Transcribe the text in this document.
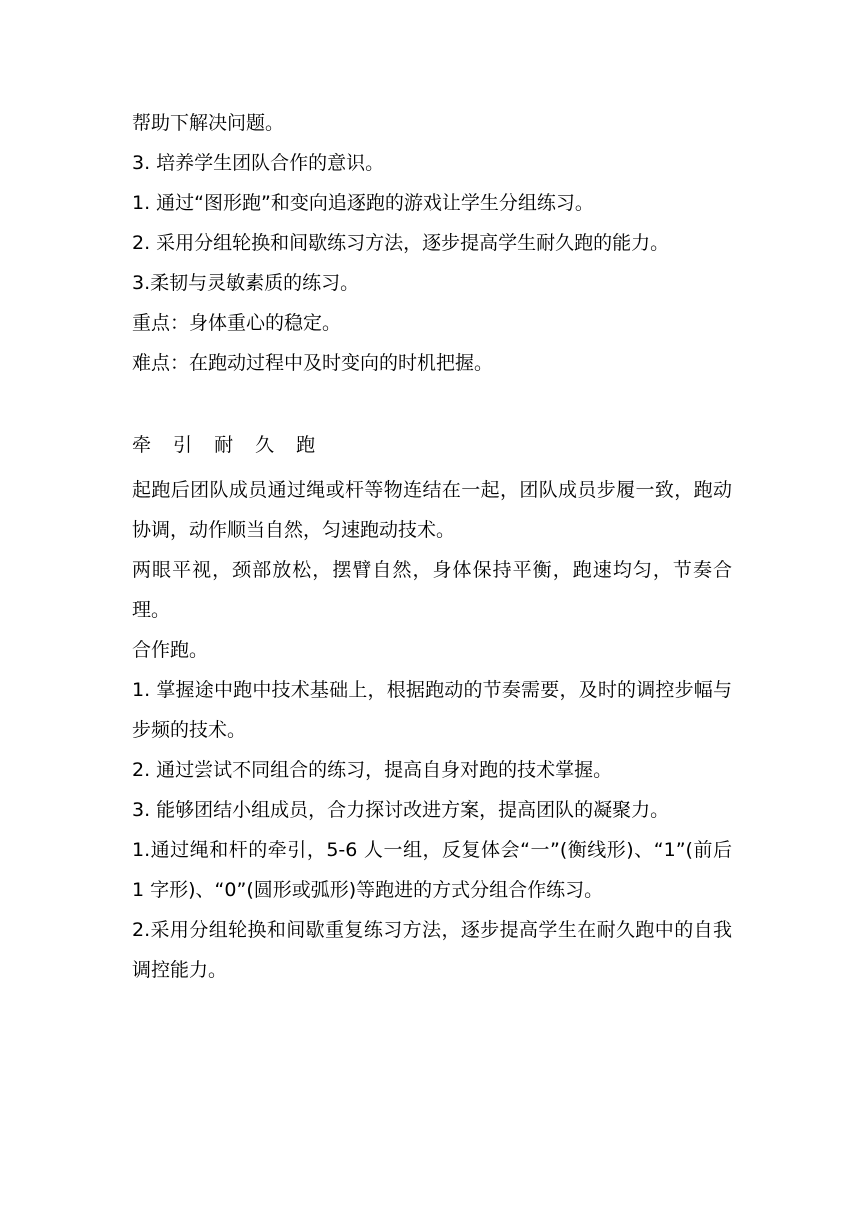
帮助下解决问题。
3. 培养学生团队合作的意识。
1. 通过“图形跑”和变向追逐跑的游戏让学生分组练习。
2. 采用分组轮换和间歇练习方法，逐步提高学生耐久跑的能力。
3.柔韧与灵敏素质的练习。
重点：身体重心的稳定。
难点：在跑动过程中及时变向的时机把握。
牵 引 耐 久 跑
起跑后团队成员通过绳或杆等物连结在一起，团队成员步履一致，跑动协调，动作顺当自然，匀速跑动技术。
两眼平视，颈部放松，摆臂自然，身体保持平衡，跑速均匀，节奏合理。
合作跑。
1. 掌握途中跑中技术基础上，根据跑动的节奏需要，及时的调控步幅与步频的技术。
2. 通过尝试不同组合的练习，提高自身对跑的技术掌握。
3. 能够团结小组成员，合力探讨改进方案，提高团队的凝聚力。
1.通过绳和杆的牵引，5-6 人一组，反复体会“一”(衡线形)、“1”(前后 1 字形)、“0”(圆形或弧形)等跑进的方式分组合作练习。
2.采用分组轮换和间歇重复练习方法，逐步提高学生在耐久跑中的自我调控能力。
